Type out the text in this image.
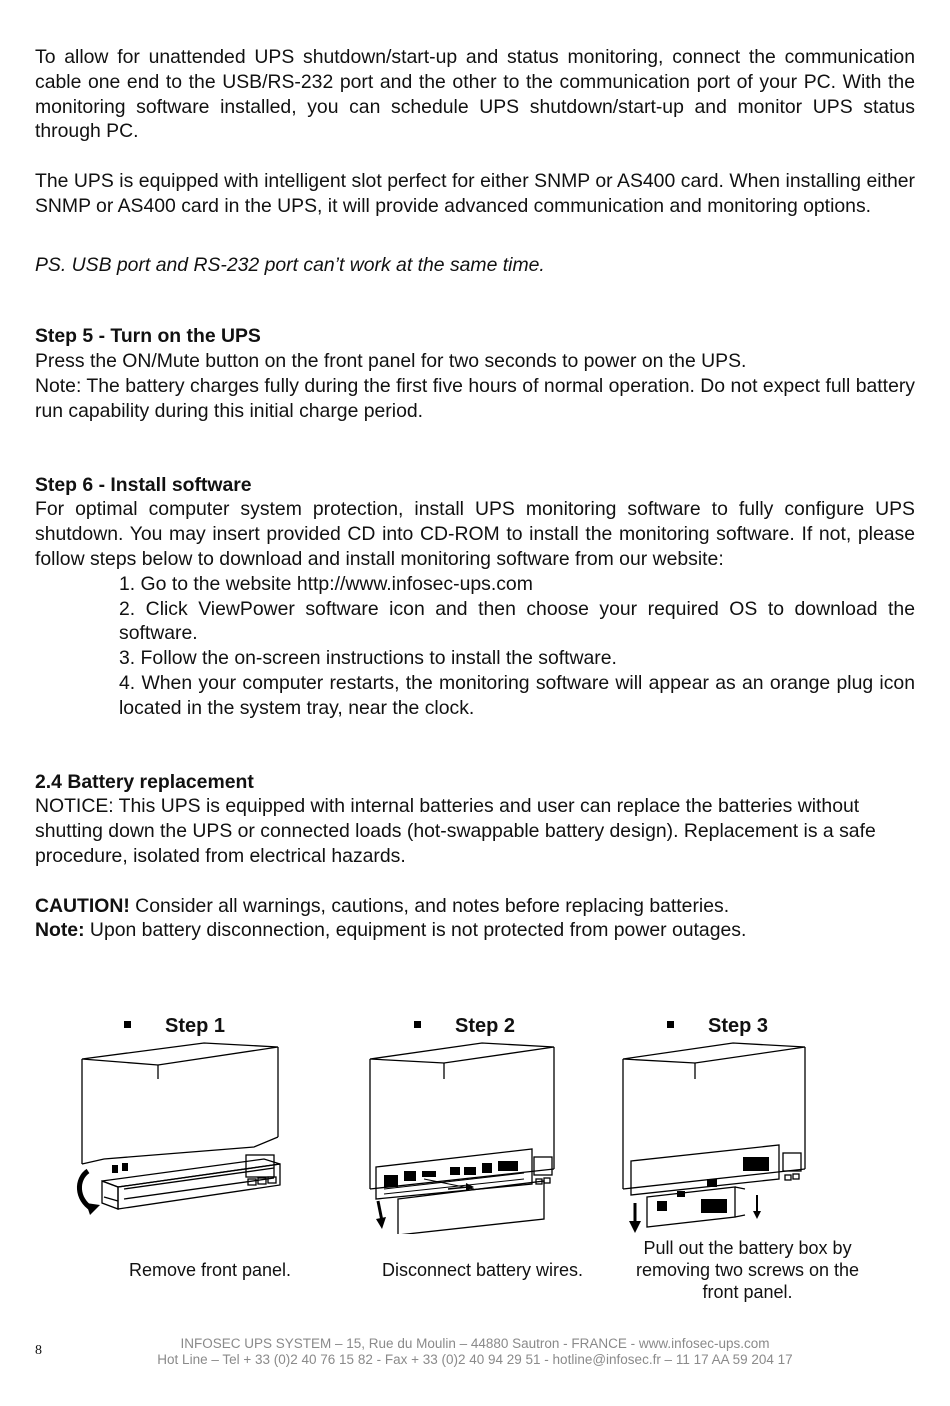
To allow for unattended UPS shutdown/start-up and status monitoring, connect the communication cable one end to the USB/RS-232 port and the other to the communication port of your PC. With the monitoring software installed, you can schedule UPS shutdown/start-up and monitor UPS status through PC.

The UPS is equipped with intelligent slot perfect for either SNMP or AS400 card. When installing either SNMP or AS400 card in the UPS, it will provide advanced communication and monitoring options.

PS. USB port and RS-232 port can’t work at the same time.

Step 5 - Turn on the UPS

Press the ON/Mute button on the front panel for two seconds to power on the UPS.

Note: The battery charges fully during the first five hours of normal operation. Do not expect full battery run capability during this initial charge period.

Step 6 - Install software

For optimal computer system protection, install UPS monitoring software to fully configure UPS shutdown. You may insert provided CD into CD-ROM to install the monitoring software. If not, please follow steps below to download and install monitoring software from our website:

1. Go to the website http://www.infosec-ups.com

2. Click ViewPower software icon and then choose your required OS to download the software.

3. Follow the on-screen instructions to install the software.

4. When your computer restarts, the monitoring software will appear as an orange plug icon located in the system tray, near the clock.

2.4 Battery replacement

NOTICE: This UPS is equipped with internal batteries and user can replace the batteries without shutting down the UPS or connected loads (hot-swappable battery design). Replacement is a safe procedure, isolated from electrical hazards.

CAUTION! Consider all warnings, cautions, and notes before replacing batteries.

Note: Upon battery disconnection, equipment is not protected from power outages.

Step 1	Step 2	Step 3
Remove front panel.	Disconnect battery wires.
Pull out the battery box by removing two screws on the front panel.
8	INFOSEC UPS SYSTEM – 15, Rue du Moulin – 44880 Sautron - FRANCE - www.infosec-ups.com
Hot Line – Tel + 33 (0)2 40 76 15 82 - Fax + 33 (0)2 40 94 29 51 - hotline@infosec.fr – 11 17 AA 59 204 17
